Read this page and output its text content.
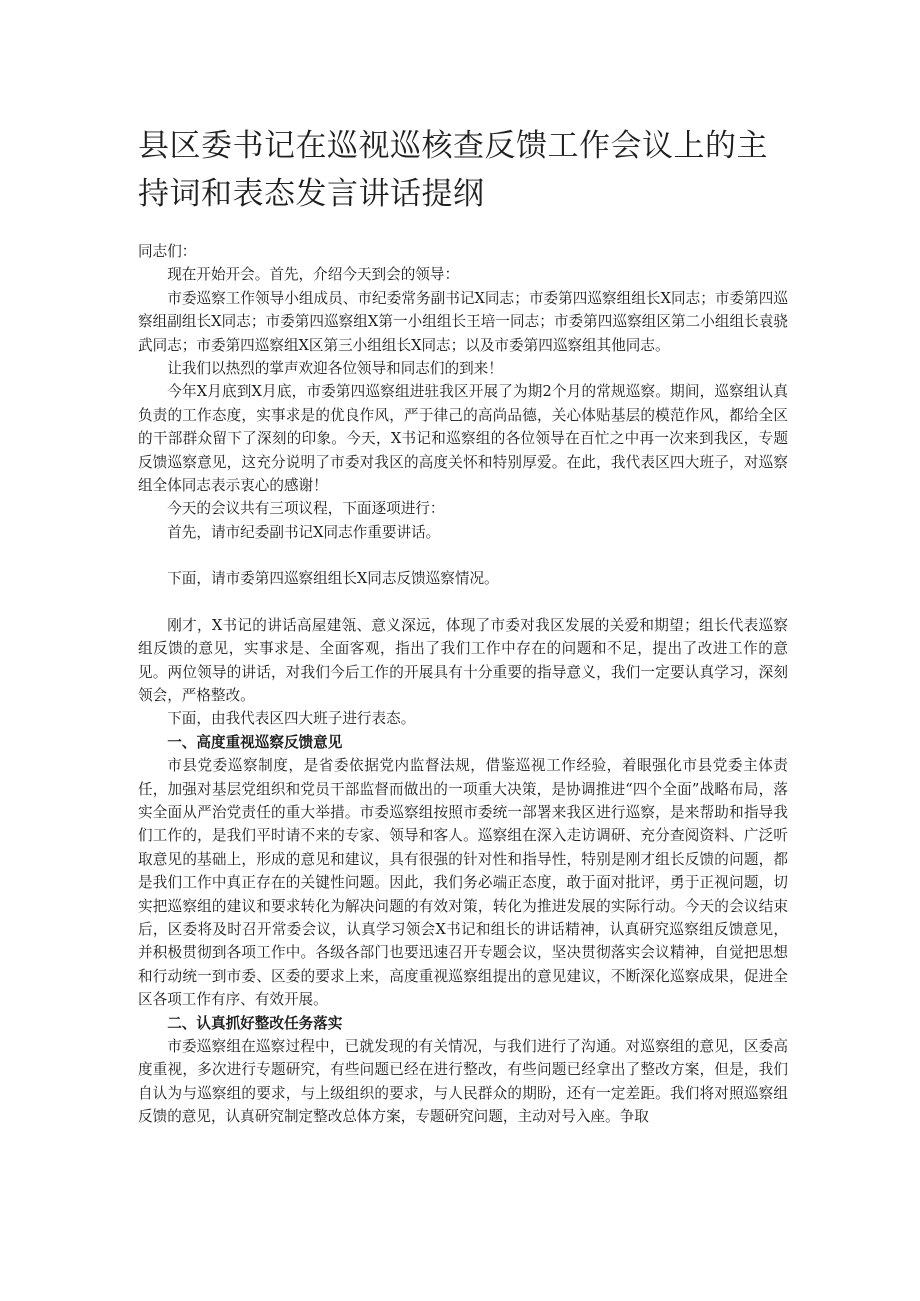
县区委书记在巡视巡核查反馈工作会议上的主持词和表态发言讲话提纲

同志们：

现在开始开会。首先，介绍今天到会的领导：

市委巡察工作领导小组成员、市纪委常务副书记X同志；市委第四巡察组组长X同志；市委第四巡察组副组长X同志；市委第四巡察组X第一小组组长王培一同志；市委第四巡察组区第二小组组长袁骁武同志；市委第四巡察组X区第三小组组长X同志；以及市委第四巡察组其他同志。

让我们以热烈的掌声欢迎各位领导和同志们的到来！

今年X月底到X月底，市委第四巡察组进驻我区开展了为期2个月的常规巡察。期间，巡察组认真负责的工作态度，实事求是的优良作风，严于律己的高尚品德，关心体贴基层的模范作风，都给全区的干部群众留下了深刻的印象。今天，X书记和巡察组的各位领导在百忙之中再一次来到我区，专题反馈巡察意见，这充分说明了市委对我区的高度关怀和特别厚爱。在此，我代表区四大班子，对巡察组全体同志表示衷心的感谢！

今天的会议共有三项议程，下面逐项进行：

首先，请市纪委副书记X同志作重要讲话。

下面，请市委第四巡察组组长X同志反馈巡察情况。

刚才，X书记的讲话高屋建瓴、意义深远，体现了市委对我区发展的关爱和期望；组长代表巡察组反馈的意见，实事求是、全面客观，指出了我们工作中存在的问题和不足，提出了改进工作的意见。两位领导的讲话，对我们今后工作的开展具有十分重要的指导意义，我们一定要认真学习，深刻领会，严格整改。

下面，由我代表区四大班子进行表态。

一、高度重视巡察反馈意见

市县党委巡察制度，是省委依据党内监督法规，借鉴巡视工作经验，着眼强化市县党委主体责任，加强对基层党组织和党员干部监督而做出的一项重大决策，是协调推进“四个全面”战略布局，落实全面从严治党责任的重大举措。市委巡察组按照市委统一部署来我区进行巡察，是来帮助和指导我们工作的，是我们平时请不来的专家、领导和客人。巡察组在深入走访调研、充分查阅资料、广泛听取意见的基础上，形成的意见和建议，具有很强的针对性和指导性，特别是刚才组长反馈的问题，都是我们工作中真正存在的关键性问题。因此，我们务必端正态度，敢于面对批评，勇于正视问题，切实把巡察组的建议和要求转化为解决问题的有效对策，转化为推进发展的实际行动。今天的会议结束后，区委将及时召开常委会议，认真学习领会X书记和组长的讲话精神，认真研究巡察组反馈意见，并积极贯彻到各项工作中。各级各部门也要迅速召开专题会议，坚决贯彻落实会议精神，自觉把思想和行动统一到市委、区委的要求上来，高度重视巡察组提出的意见建议，不断深化巡察成果，促进全区各项工作有序、有效开展。

二、认真抓好整改任务落实

市委巡察组在巡察过程中，已就发现的有关情况，与我们进行了沟通。对巡察组的意见，区委高度重视，多次进行专题研究，有些问题已经在进行整改，有些问题已经拿出了整改方案，但是，我们自认为与巡察组的要求，与上级组织的要求，与人民群众的期盼，还有一定差距。我们将对照巡察组反馈的意见，认真研究制定整改总体方案，专题研究问题，主动对号入座。争取
